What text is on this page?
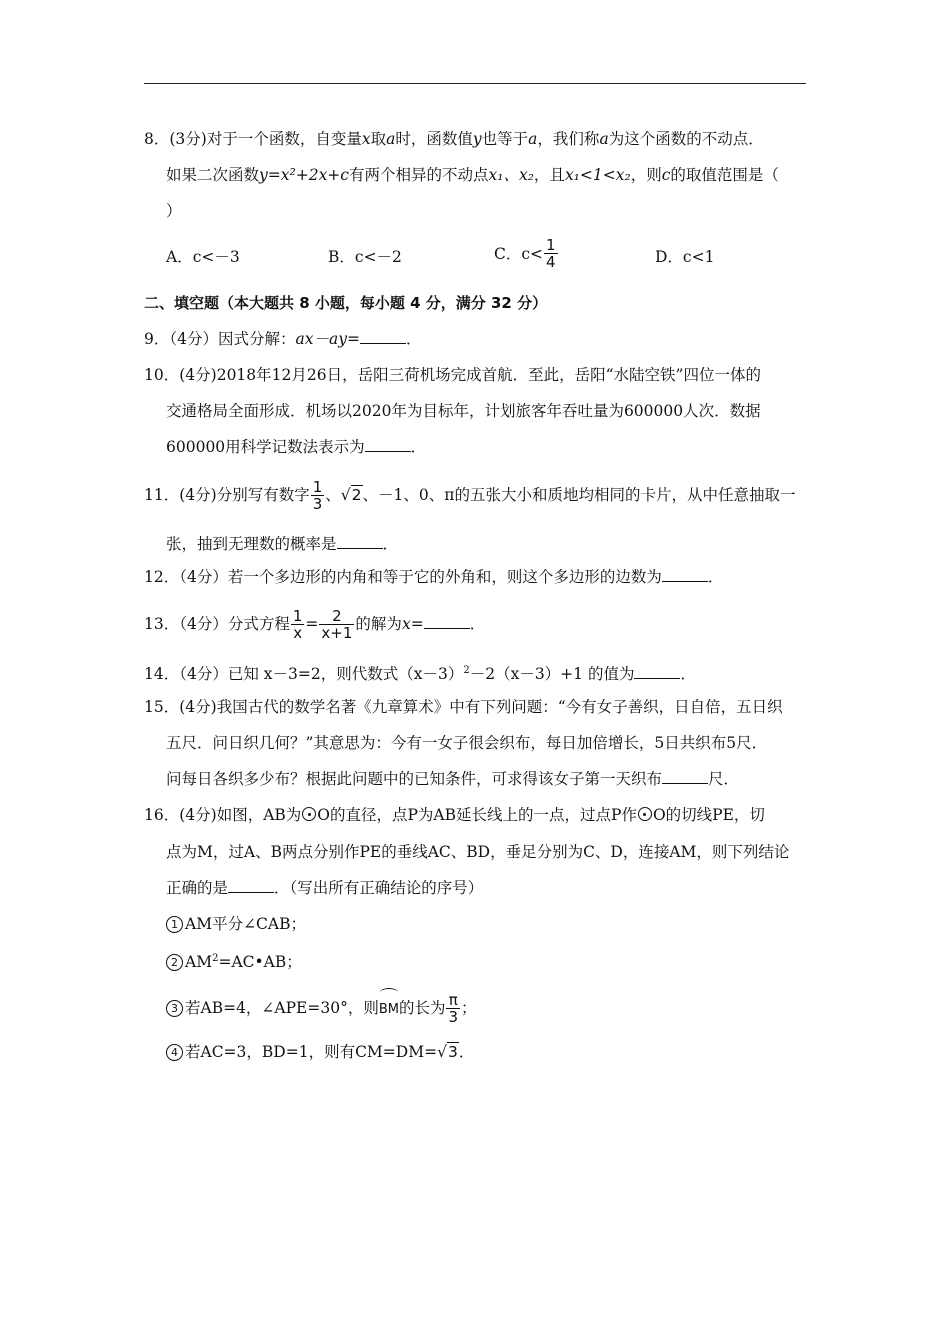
8．(3分)对于一个函数，自变量x取a时，函数值y也等于a，我们称a为这个函数的不动点．
如果二次函数y=x²+2x+c有两个相异的不动点x₁、x₂，且x₁<1<x₂，则c的取值范围是（
）
A．c<－3	B．c<－2	C．$c< \frac{1}{4}$	D．c<1
二、填空题（本大题共 8 小题，每小题 4 分，满分 32 分）
9．（4分）因式分解：ax－ay=	．
10．(4分)2018年12月26日，岳阳三荷机场完成首航．至此，岳阳“水陆空铁”四位一体的
交通格局全面形成．机场以2020年为目标年，计划旅客年吞吐量为600000人次．数据
600000用科学记数法表示为	．
11．(4分)分别写有数字 $\frac{1}{3}$ 、√2、－1、0、π的五张大小和质地均相同的卡片，从中任意抽取一
张，抽到无理数的概率是	．
12．（4分）若一个多边形的内角和等于它的外角和，则这个多边形的边数为	．
13．（4分）分式方程 $\frac{1}{x} = \frac{2}{x+1}$ 的解为x=	．
14．（4分）已知 x－3=2，则代数式$(x-3)^2-2(x-3)+1$ 的值为	．
15．(4分)我国古代的数学名著《九章算术》中有下列问题：“今有女子善织，日自倍，五日织
五尺．问日织几何？”其意思为：今有一女子很会织布，每日加倍增长，5日共织布5尺．
问每日各织多少布？根据此问题中的已知条件，可求得该女子第一天织布	尺．
16．(4分)如图，AB为 O的直径，点P为AB延长线上的一点，过点P作 O的切线PE，切
点为M，过A、B两点分别作PE的垂线AC、BD，垂足分别为C、D，连接AM，则下列结论
正确的是	．（写出所有正确结论的序号）
1 AM平分∠CAB；
2 $AM^2=AC•AB$；
3 若AB=4，∠APE=30°，则BM的长为 $\frac{\pi}{3}$ ；
4 若AC=3，BD=1，则有CM=DM=√3．
